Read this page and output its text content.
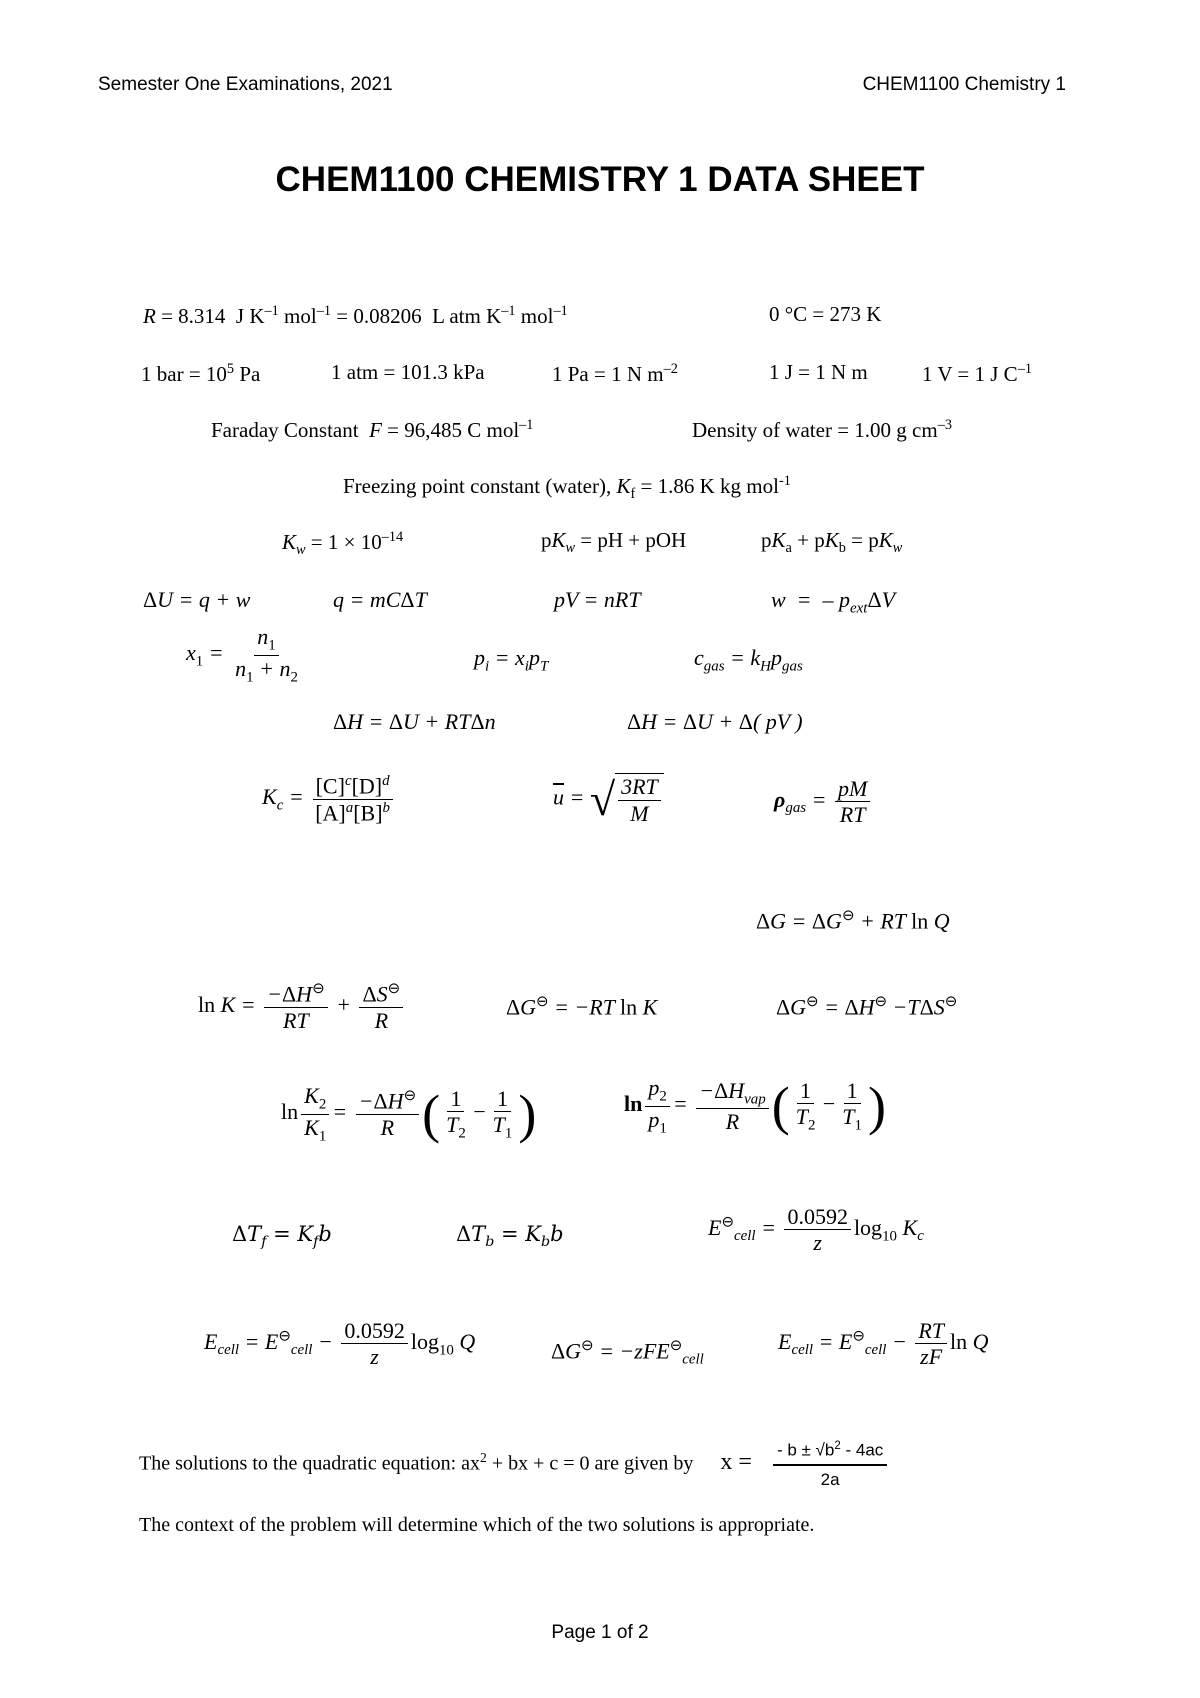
Semester One Examinations, 2021	CHEM1100 Chemistry 1
CHEM1100 CHEMISTRY 1 DATA SHEET
R = 8.314 J $K^{-1}$ mol$^{-1}$ = 0.08206 L atm $K^{-1}$ mol$^{-1}$	0 °C = 273 K
1 bar = $10^5$ Pa	1 atm = 101.3 kPa	1 Pa = 1 N $m^{-2}$	1 J = 1 N m	1 V = 1 J $C^{-1}$
Faraday Constant F = 96,485 C mol$^{-1}$	Density of water = 1.00 g $cm^{-3}$
Freezing point constant (water), $K_f = 1.86$ K kg mol$^{-1}$
$K_w = 1 \times 10^{-14}$	$pK_w$ = pH + pOH	$pK_a + pK_b = pK_w$
ΔU = q + w	q = mCΔT	pV = nRT	w  =  – $p_{ext}\Delta V$
$x_1 = \frac{n_1}{n_1 + n_2}$	$p_i = x_ip_T$	$c_{gas} = k_Hp_{gas}$
ΔH = ΔU + RTΔn	ΔH = ΔU + Δ( pV )
$K_c = \frac{[C]^c[D]^d}{[A]^a[B]^b}$	$\overline{u}$ = √ $\frac{3RT}{M}$	$\rho_{gas} = \frac{pM}{RT}$
ΔG = ΔG⊖ + RT ln Q
$\ln K = \frac{-\Delta H^⊖}{RT} + \frac{\Delta S^⊖}{R}$	ΔG⊖ = −RT ln K	ΔG⊖ = ΔH⊖ −TΔS⊖
$\ln \frac{K_2}{K_1} = \frac{-\Delta H^⊖}{R}$ ( $\frac{1}{T_2} - \frac{1}{T_1}$ )	$\ln \frac{p_2}{p_1} = \frac{-\Delta H_{vap}}{R}$ ( $\frac{1}{T_2} - \frac{1}{T_1}$ )
$\Delta T_f = K_fb$	$\Delta T_b = K_bb$	$E^⊖_{cell} = \frac{0.0592}{z} \log_{10} K_c$
$E_{cell} = E^⊖_{cell} - \frac{0.0592}{z} \log_{10} Q$	ΔG⊖ = −zFE⊖$_{cell}$
$E_{cell} = E^⊖_{cell} - \frac{RT}{zF}$ ln Q
The solutions to the quadratic equation: $ax^2$ + bx + c = 0 are given by $x = \frac{- b \pm √b^2 - 4ac}{2a}$
The context of the problem will determine which of the two solutions is appropriate.
Page 1 of 2
